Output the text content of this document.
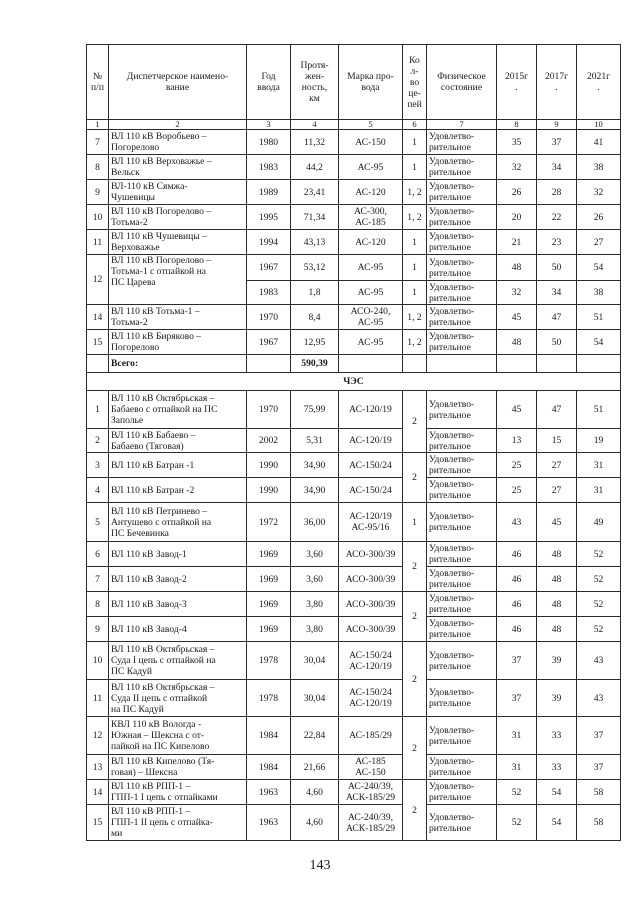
№
п/п	Диспетчерское наимено-
вание	Год
ввода	Протя-
жен-
ность,
км	Марка про-
вода	Ко
л-
во
це-
пей	Физическое
состояние	2015г
.	2017г
.	2021г
.
1	2	3	4	5	6	7	8	9	10
7	ВЛ 110 кВ Воробьево –
Погорелово	1980	11,32	АС-150	1	Удовлетво-
рительное	35	37	41
8	ВЛ 110 кВ Верховажье –
Вельск	1983	44,2	АС-95	1	Удовлетво-
рительное	32	34	38
9	ВЛ-110 кВ Сямжа-
Чушевицы	1989	23,41	АС-120	1, 2	Удовлетво-
рительное	26	28	32
10	ВЛ 110 кВ Погорелово –
Тотьма-2	1995	71,34	АС-300,
АС-185	1, 2	Удовлетво-
рительное	20	22	26
11	ВЛ 110 кВ Чушевицы –
Верховажье	1994	43,13	АС-120	1	Удовлетво-
рительное	21	23	27
12	ВЛ 110 кВ Погорелово –
Тотьма-1 с отпайкой на
ПС Царева	1967	53,12	АС-95	1	Удовлетво-
рительное	48	50	54
		1983	1,8	АС-95	1	Удовлетво-
рительное	32	34	38
14	ВЛ 110 кВ Тотьма-1 –
Тотьма-2	1970	8,4	АСО-240,
АС-95	1, 2	Удовлетво-
рительное	45	47	51
15	ВЛ 110 кВ Биряково –
Погорелово	1967	12,95	АС-95	1, 2	Удовлетво-
рительное	48	50	54
	Всего:		590,39						
ЧЭС									
1	ВЛ 110 кВ Октябрьская –
Бабаево с отпайкой на ПС
Заполье	1970	75,99	АС-120/19	2	Удовлетво-
рительное	45	47	51
2	ВЛ 110 кВ Бабаево –
Бабаево (Тяговая)	2002	5,31	АС-120/19		Удовлетво-
рительное	13	15	19
3	ВЛ 110 кВ Батран -1	1990	34,90	АС-150/24	2	Удовлетво-
рительное	25	27	31
4	ВЛ 110 кВ Батран -2	1990	34,90	АС-150/24		Удовлетво-
рительное	25	27	31
5	ВЛ 110 кВ Петринево –
Антушево с отпайкой на
ПС Бечевинка	1972	36,00	АС-120/19
АС-95/16	1	Удовлетво-
рительное	43	45	49
6	ВЛ 110 кВ Завод-1	1969	3,60	АСО-300/39	2	Удовлетво-
рительное	46	48	52
7	ВЛ 110 кВ Завод-2	1969	3,60	АСО-300/39		Удовлетво-
рительное	46	48	52
8	ВЛ 110 кВ Завод-3	1969	3,80	АСО-300/39	2	Удовлетво-
рительное	46	48	52
9	ВЛ 110 кВ Завод-4	1969	3,80	АСО-300/39		Удовлетво-
рительное	46	48	52
10	ВЛ 110 кВ Октябрьская –
Суда I цепь с отпайкой на
ПС Кадуй	1978	30,04	АС-150/24
АС-120/19	2	Удовлетво-
рительное	37	39	43
11	ВЛ 110 кВ Октябрьская –
Суда II цепь с отпайкой
на ПС Кадуй	1978	30,04	АС-150/24
АС-120/19		Удовлетво-
рительное	37	39	43
12	КВЛ 110 кВ Вологда -
Южная – Шексна с от-
пайкой на ПС Кипелово	1984	22,84	АС-185/29	2	Удовлетво-
рительное	31	33	37
13	ВЛ 110 кВ Кипелово (Тя-
говая) – Шексна	1984	21,66	АС-185
АС-150		Удовлетво-
рительное	31	33	37
14	ВЛ 110 кВ РПП-1 –
ГПП-1 I цепь с отпайками	1963	4,60	АС-240/39,
АСК-185/29	2	Удовлетво-
рительное	52	54	58
15	ВЛ 110 кВ РПП-1 –
ГПП-1 II цепь с отпайка-
ми	1963	4,60	АС-240/39,
АСК-185/29		Удовлетво-
рительное	52	54	58
143
